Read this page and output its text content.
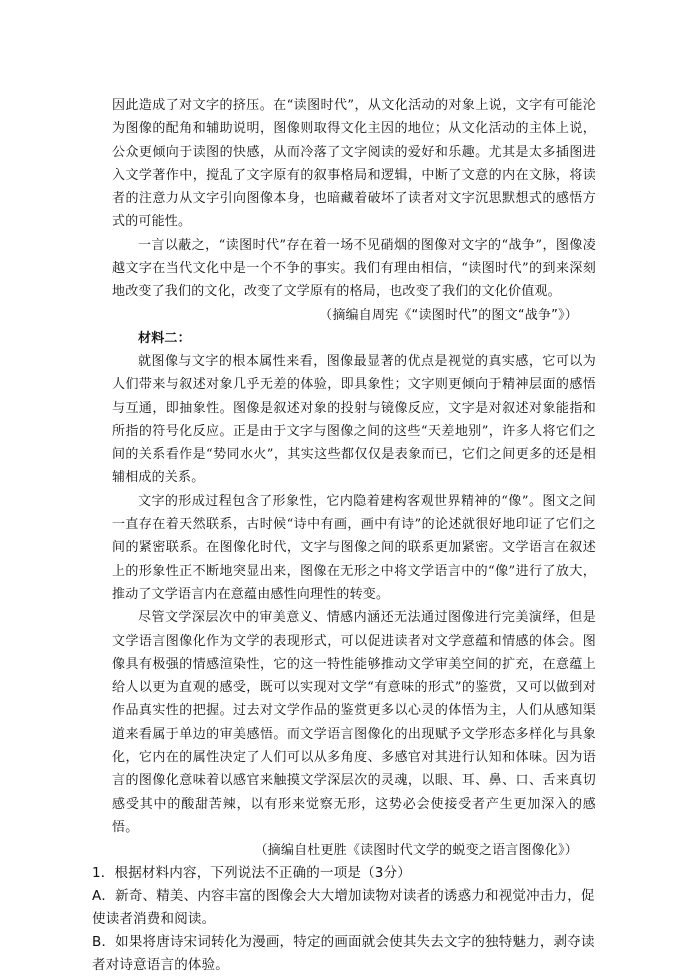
因此造成了对文字的挤压。在“读图时代”，从文化活动的对象上说，文字有可能沦为图像的配角和辅助说明，图像则取得文化主因的地位；从文化活动的主体上说，公众更倾向于读图的快感，从而冷落了文字阅读的爱好和乐趣。尤其是太多插图进入文学著作中，搅乱了文字原有的叙事格局和逻辑，中断了文意的内在文脉，将读者的注意力从文字引向图像本身，也暗藏着破坏了读者对文字沉思默想式的感悟方式的可能性。

一言以蔽之，“读图时代”存在着一场不见硝烟的图像对文字的“战争”，图像凌越文字在当代文化中是一个不争的事实。我们有理由相信，“读图时代”的到来深刻地改变了我们的文化，改变了文学原有的格局，也改变了我们的文化价值观。

（摘编自周宪《“读图时代”的图文“战争”》）

材料二：

就图像与文字的根本属性来看，图像最显著的优点是视觉的真实感，它可以为人们带来与叙述对象几乎无差的体验，即具象性；文字则更倾向于精神层面的感悟与互通，即抽象性。图像是叙述对象的投射与镜像反应，文字是对叙述对象能指和所指的符号化反应。正是由于文字与图像之间的这些“天差地别”，许多人将它们之间的关系看作是“势同水火”，其实这些都仅仅是表象而已，它们之间更多的还是相辅相成的关系。

文字的形成过程包含了形象性，它内隐着建构客观世界精神的“像”。图文之间一直存在着天然联系，古时候“诗中有画，画中有诗”的论述就很好地印证了它们之间的紧密联系。在图像化时代，文字与图像之间的联系更加紧密。文学语言在叙述上的形象性正不断地突显出来，图像在无形之中将文学语言中的“像”进行了放大，推动了文学语言内在意蕴由感性向理性的转变。

尽管文学深层次中的审美意义、情感内涵还无法通过图像进行完美演绎，但是文学语言图像化作为文学的表现形式，可以促进读者对文学意蕴和情感的体会。图像具有极强的情感渲染性，它的这一特性能够推动文学审美空间的扩充，在意蕴上给人以更为直观的感受，既可以实现对文学“有意味的形式”的鉴赏，又可以做到对作品真实性的把握。过去对文学作品的鉴赏更多以心灵的体悟为主，人们从感知渠道来看属于单边的审美感悟。而文学语言图像化的出现赋予文学形态多样化与具象化，它内在的属性决定了人们可以从多角度、多感官对其进行认知和体味。因为语言的图像化意味着以感官来触摸文学深层次的灵魂，以眼、耳、鼻、口、舌来真切感受其中的酸甜苦辣，以有形来觉察无形，这势必会使接受者产生更加深入的感悟。

（摘编自杜更胜《读图时代文学的蜕变之语言图像化》）

1．根据材料内容，下列说法不正确的一项是（3分）

A．新奇、精美、内容丰富的图像会大大增加读物对读者的诱惑力和视觉冲击力，促使读者消费和阅读。

B．如果将唐诗宋词转化为漫画，特定的画面就会使其失去文字的独特魅力，剥夺读者对诗意语言的体验。
